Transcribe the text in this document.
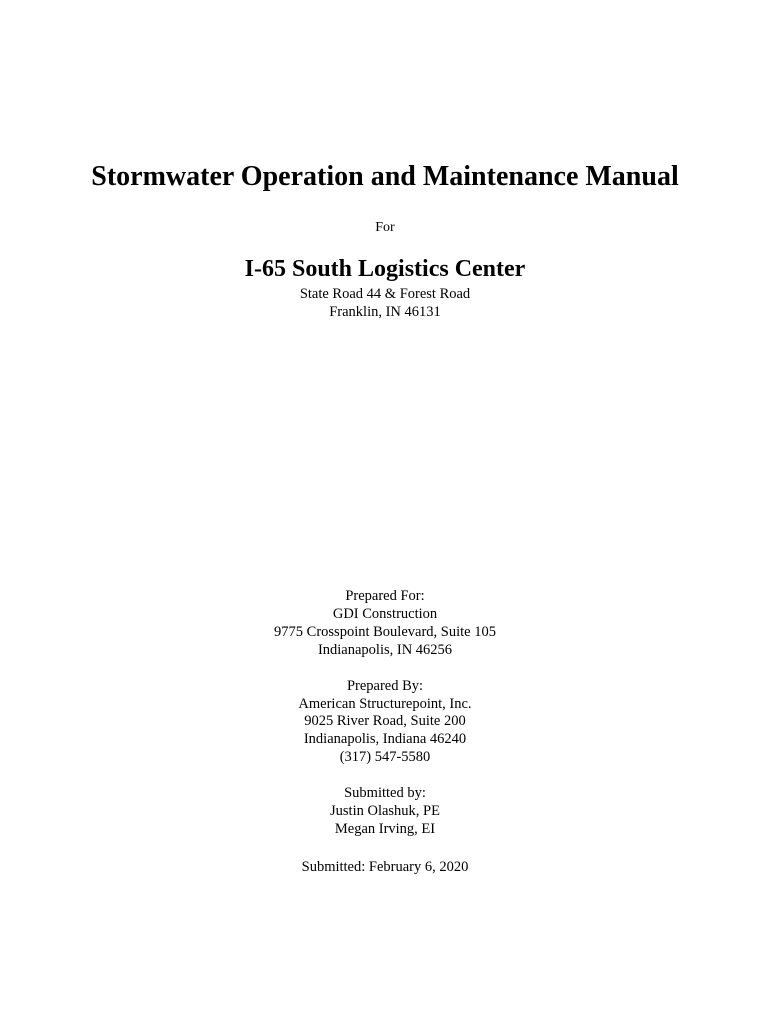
Stormwater Operation and Maintenance Manual
For
I-65 South Logistics Center
State Road 44 & Forest Road
Franklin, IN 46131
Prepared For:
GDI Construction
9775 Crosspoint Boulevard, Suite 105
Indianapolis, IN 46256
Prepared By:
American Structurepoint, Inc.
9025 River Road, Suite 200
Indianapolis, Indiana 46240
(317) 547-5580
Submitted by:
Justin Olashuk, PE
Megan Irving, EI
Submitted: February 6, 2020
